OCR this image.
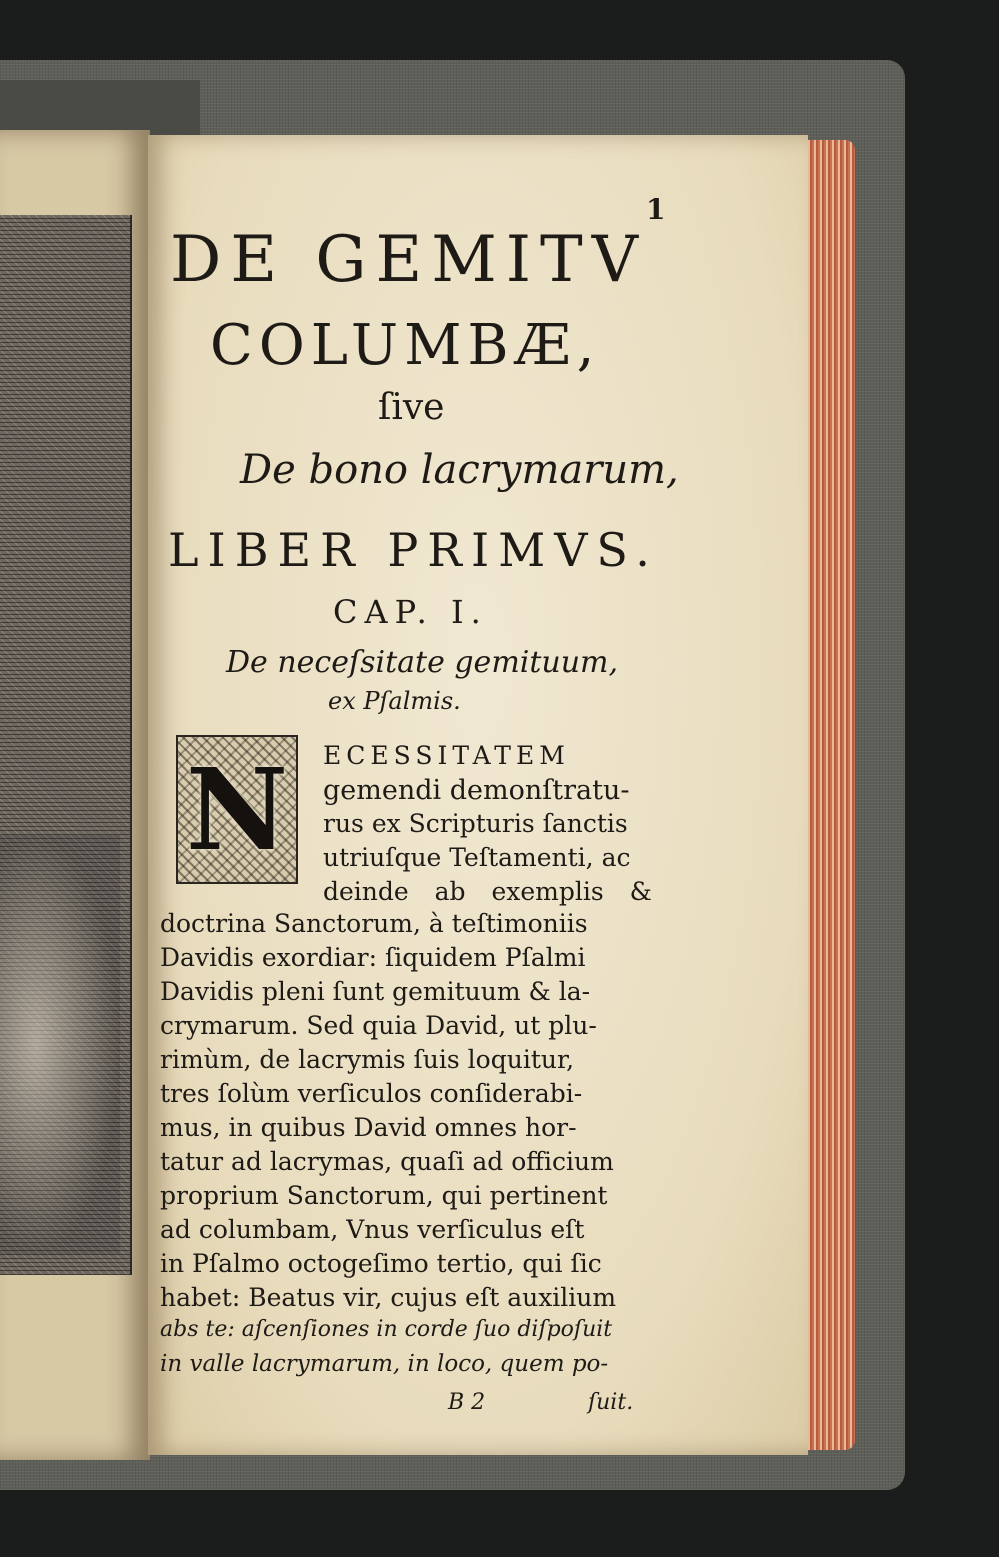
1
DE GEMITV
COLUMBÆ,
ſive
De bono lacrymarum,
LIBER PRIMVS.
CAP. I.
De neceſsitate gemituum,
ex Pſalmis.
N	ECESSITATEM
gemendi demonſtratu-
rus ex Scripturis ſanctis
utriuſque Teſtamenti, ac
deinde ab exemplis &
doctrina Sanctorum, à teſtimoniis
Davidis exordiar: ſiquidem Pſalmi
Davidis pleni ſunt gemituum & la-
crymarum. Sed quia David, ut plu-
rimùm, de lacrymis ſuis loquitur,
tres ſolùm verſiculos conſiderabi-
mus, in quibus David omnes hor-
tatur ad lacrymas, quaſi ad officium
proprium Sanctorum, qui pertinent
ad columbam, Vnus verſiculus eſt
in Pſalmo octogeſimo tertio, qui ſic
habet: Beatus vir, cujus eſt auxilium
abs te: aſcenſiones in corde ſuo diſpoſuit
in valle lacrymarum, in loco, quem po-
B 2	ſuit.
